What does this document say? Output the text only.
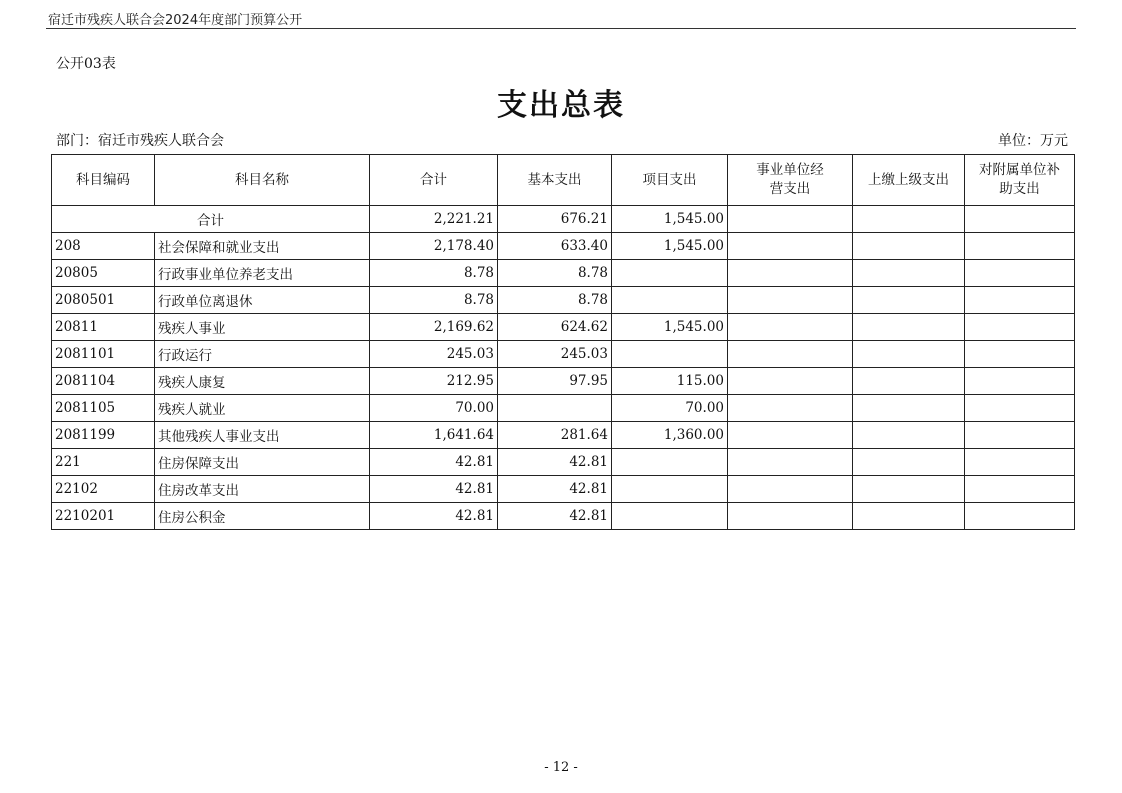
宿迁市残疾人联合会2024年度部门预算公开
公开03表
支出总表
部门：宿迁市残疾人联合会	单位：万元
科目编码	科目名称	合计	基本支出	项目支出	事业单位经营支出	上缴上级支出	对附属单位补助支出
合计		2,221.21	676.21	1,545.00			
208	社会保障和就业支出	2,178.40	633.40	1,545.00			
20805	行政事业单位养老支出	8.78	8.78				
2080501	行政单位离退休	8.78	8.78				
20811	残疾人事业	2,169.62	624.62	1,545.00			
2081101	行政运行	245.03	245.03				
2081104	残疾人康复	212.95	97.95	115.00			
2081105	残疾人就业	70.00		70.00			
2081199	其他残疾人事业支出	1,641.64	281.64	1,360.00			
221	住房保障支出	42.81	42.81				
22102	住房改革支出	42.81	42.81				
2210201	住房公积金	42.81	42.81				
- 12 -
